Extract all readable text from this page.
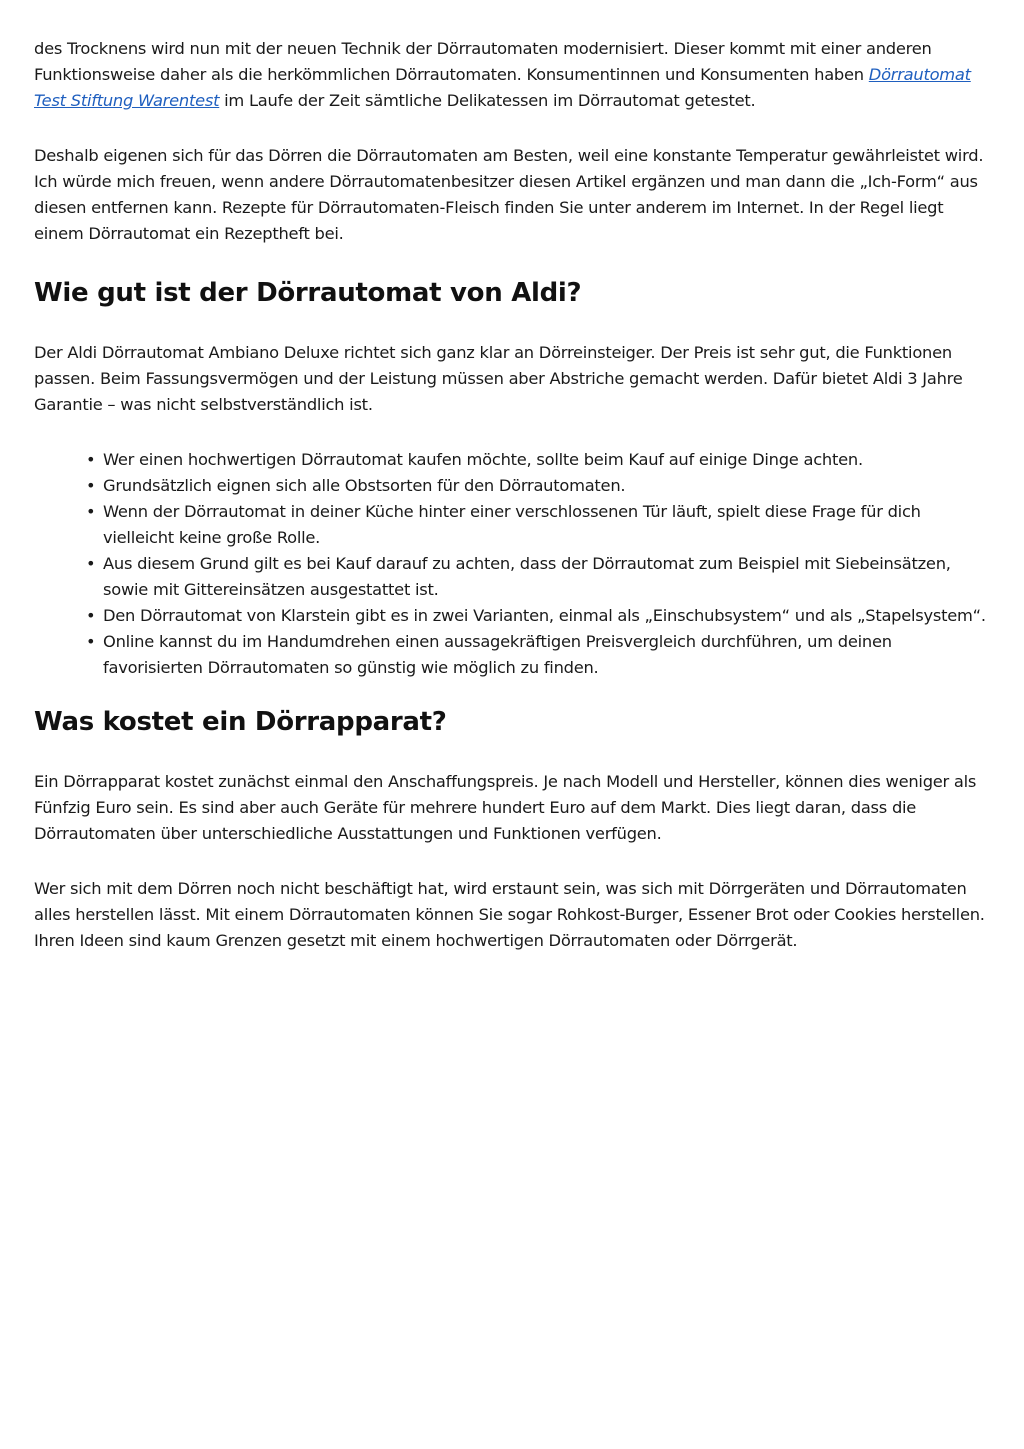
des Trocknens wird nun mit der neuen Technik der Dörrautomaten modernisiert. Dieser kommt mit einer anderen Funktionsweise daher als die herkömmlichen Dörrautomaten. Konsumentinnen und Konsumenten haben Dörrautomat Test Stiftung Warentest im Laufe der Zeit sämtliche Delikatessen im Dörrautomat getestet.

Deshalb eigenen sich für das Dörren die Dörrautomaten am Besten, weil eine konstante Temperatur gewährleistet wird. Ich würde mich freuen, wenn andere Dörrautomatenbesitzer diesen Artikel ergänzen und man dann die „Ich-Form“ aus diesen entfernen kann. Rezepte für Dörrautomaten-Fleisch finden Sie unter anderem im Internet. In der Regel liegt einem Dörrautomat ein Rezeptheft bei.

Wie gut ist der Dörrautomat von Aldi?

Der Aldi Dörrautomat Ambiano Deluxe richtet sich ganz klar an Dörreinsteiger. Der Preis ist sehr gut, die Funktionen passen. Beim Fassungsvermögen und der Leistung müssen aber Abstriche gemacht werden. Dafür bietet Aldi 3 Jahre Garantie – was nicht selbstverständlich ist.

• Wer einen hochwertigen Dörrautomat kaufen möchte, sollte beim Kauf auf einige Dinge achten.
• Grundsätzlich eignen sich alle Obstsorten für den Dörrautomaten.
• Wenn der Dörrautomat in deiner Küche hinter einer verschlossenen Tür läuft, spielt diese Frage für dich vielleicht keine große Rolle.
• Aus diesem Grund gilt es bei Kauf darauf zu achten, dass der Dörrautomat zum Beispiel mit Siebeinsätzen, sowie mit Gittereinsätzen ausgestattet ist.
• Den Dörrautomat von Klarstein gibt es in zwei Varianten, einmal als „Einschubsystem“ und als „Stapelsystem“.
• Online kannst du im Handumdrehen einen aussagekräftigen Preisvergleich durchführen, um deinen favorisierten Dörrautomaten so günstig wie möglich zu finden.
Was kostet ein Dörrapparat?

Ein Dörrapparat kostet zunächst einmal den Anschaffungspreis. Je nach Modell und Hersteller, können dies weniger als Fünfzig Euro sein. Es sind aber auch Geräte für mehrere hundert Euro auf dem Markt. Dies liegt daran, dass die Dörrautomaten über unterschiedliche Ausstattungen und Funktionen verfügen.

Wer sich mit dem Dörren noch nicht beschäftigt hat, wird erstaunt sein, was sich mit Dörrgeräten und Dörrautomaten alles herstellen lässt. Mit einem Dörrautomaten können Sie sogar Rohkost-Burger, Essener Brot oder Cookies herstellen. Ihren Ideen sind kaum Grenzen gesetzt mit einem hochwertigen Dörrautomaten oder Dörrgerät.
